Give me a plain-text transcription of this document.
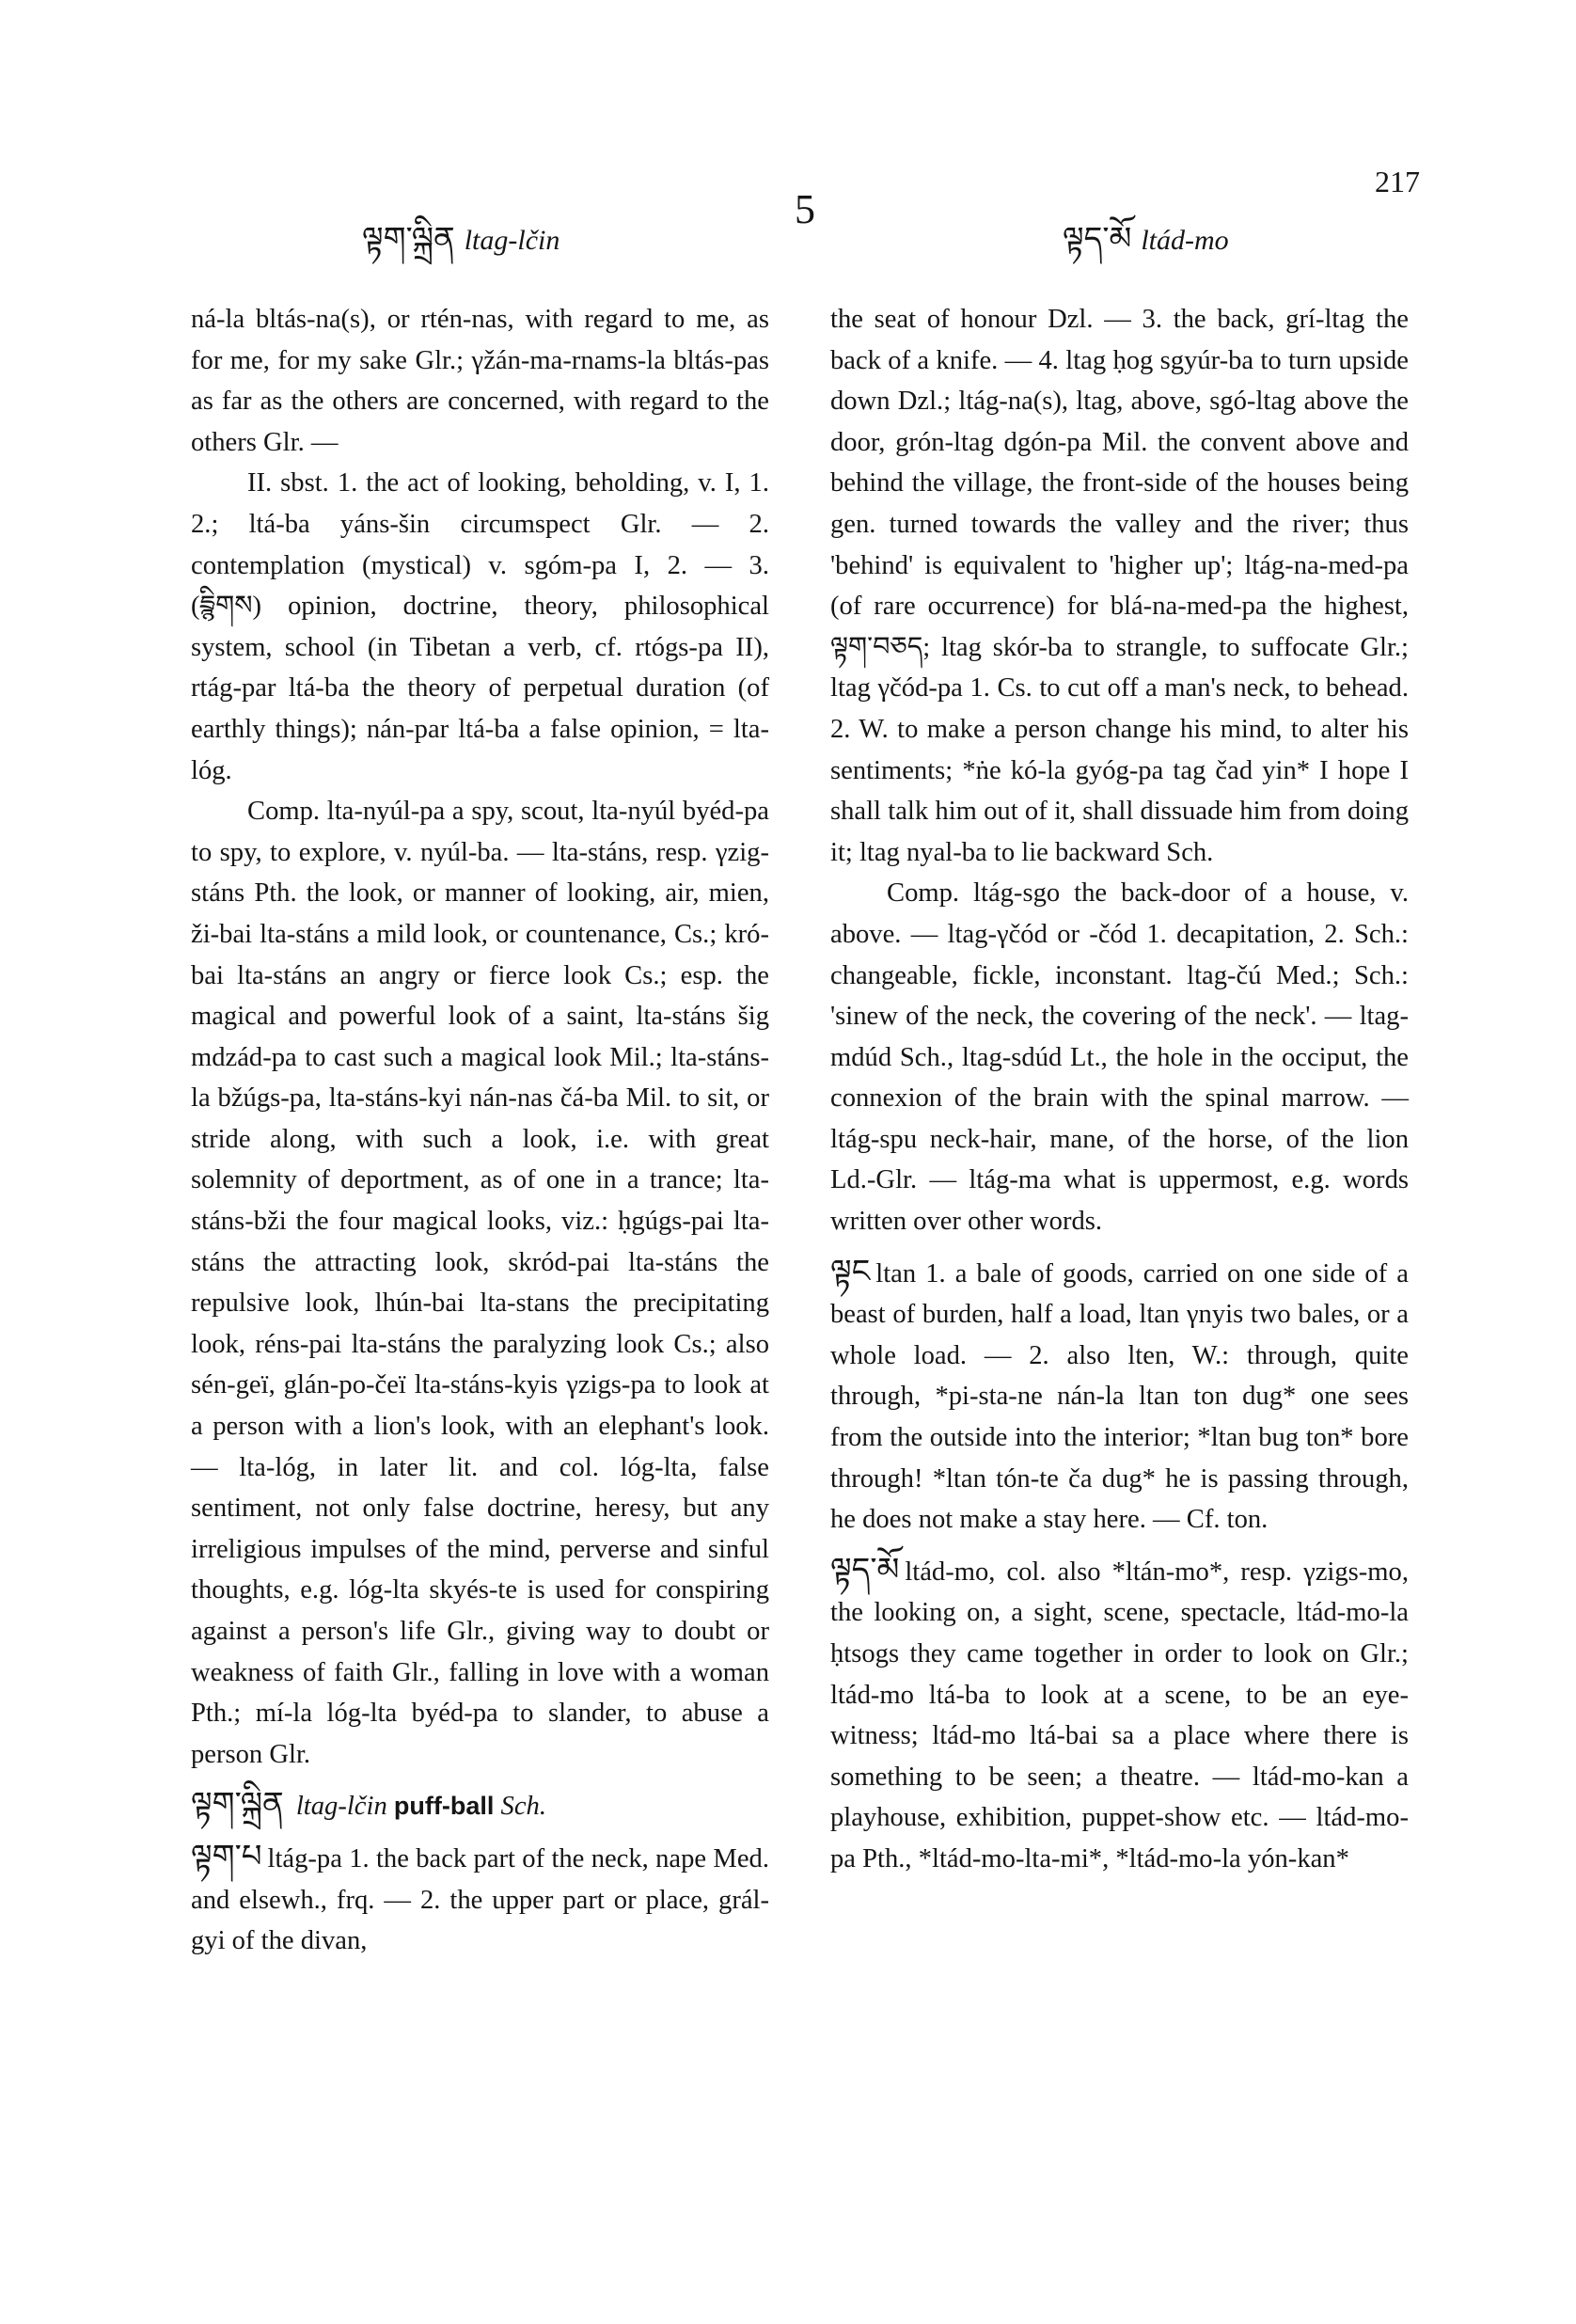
ལྟག་ལྐྲིན ltag-lčin
5
ལྟད་མོ ltád-mo
217

ná-la bltás-na(s), or rtén-nas, with regard to me, as for me, for my sake Glr.; γžán-ma-rnams-la bltás-pas as far as the others are concerned, with regard to the others Glr. —

II. sbst. 1. the act of looking, beholding, v. I, 1. 2.; ltá-ba yáns-šin circumspect Glr. — 2. contemplation (mystical) v. sgóm-pa I, 2. — 3. (དྲྙིགས) opinion, doctrine, theory, philosophical system, school (in Tibetan a verb, cf. rtógs-pa II), rtág-par ltá-ba the theory of perpetual duration (of earthly things); nán-par ltá-ba a false opinion, = lta-lóg.

Comp. lta-nyúl-pa a spy, scout, lta-nyúl byéd-pa to spy, to explore, v. nyúl-ba. — lta-stáns, resp. γzig-stáns Pth. the look, or manner of looking, air, mien, ži-bai lta-stáns a mild look, or countenance, Cs.; kró-bai lta-stáns an angry or fierce look Cs.; esp. the magical and powerful look of a saint, lta-stáns šig mdzád-pa to cast such a magical look Mil.; lta-stáns-la bžúgs-pa, lta-stáns-kyi nán-nas čá-ba Mil. to sit, or stride along, with such a look, i.e. with great solemnity of deportment, as of one in a trance; lta-stáns-bži the four magical looks, viz.: ḥgúgs-pai lta-stáns the attracting look, skród-pai lta-stáns the repulsive look, lhún-bai lta-stans the precipitating look, réns-pai lta-stáns the paralyzing look Cs.; also sén-geï, glán-po-čeï lta-stáns-kyis γzigs-pa to look at a person with a lion's look, with an elephant's look. — lta-lóg, in later lit. and col. lóg-lta, false sentiment, not only false doctrine, heresy, but any irreligious impulses of the mind, perverse and sinful thoughts, e.g. lóg-lta skyés-te is used for conspiring against a person's life Glr., giving way to doubt or weakness of faith Glr., falling in love with a woman Pth.; mí-la lóg-lta byéd-pa to slander, to abuse a person Glr.

ལྟག་ལྐྲིན ltag-lčin puff-ball Sch.

ལྟག་པ ltág-pa 1. the back part of the neck, nape Med. and elsewh., frq. — 2. the upper part or place, grál-gyi of the divan,

the seat of honour Dzl. — 3. the back, grí-ltag the back of a knife. — 4. ltag ḥog sgyúr-ba to turn upside down Dzl.; ltág-na(s), ltag, above, sgó-ltag above the door, grón-ltag dgón-pa Mil. the convent above and behind the village, the front-side of the houses being gen. turned towards the valley and the river; thus 'behind' is equivalent to 'higher up'; ltág-na-med-pa (of rare occurrence) for blá-na-med-pa the highest, ལྟག་བཅད; ltag skór-ba to strangle, to suffocate Glr.; ltag γčód-pa 1. Cs. to cut off a man's neck, to behead. 2. W. to make a person change his mind, to alter his sentiments; *ṅe kó-la gyóg-pa tag čad yin* I hope I shall talk him out of it, shall dissuade him from doing it; ltag nyal-ba to lie backward Sch.

Comp. ltág-sgo the back-door of a house, v. above. — ltag-γčód or -čód 1. decapitation, 2. Sch.: changeable, fickle, inconstant. ltag-čú Med.; Sch.: 'sinew of the neck, the covering of the neck'. — ltag-mdúd Sch., ltag-sdúd Lt., the hole in the occiput, the connexion of the brain with the spinal marrow. — ltág-spu neck-hair, mane, of the horse, of the lion Ld.-Glr. — ltág-ma what is uppermost, e.g. words written over other words.

ལྟང ltan 1. a bale of goods, carried on one side of a beast of burden, half a load, ltan γnyis two bales, or a whole load. — 2. also lten, W.: through, quite through, *pi-sta-ne nán-la ltan ton dug* one sees from the outside into the interior; *ltan bug ton* bore through! *ltan tón-te ča dug* he is passing through, he does not make a stay here. — Cf. ton.

ལྟད་མོ ltád-mo, col. also *ltán-mo*, resp. γzigs-mo, the looking on, a sight, scene, spectacle, ltád-mo-la ḥtsogs they came together in order to look on Glr.; ltád-mo ltá-ba to look at a scene, to be an eye-witness; ltád-mo ltá-bai sa a place where there is something to be seen; a theatre. — ltád-mo-kan a playhouse, exhibition, puppet-show etc. — ltád-mo-pa Pth., *ltád-mo-lta-mi*, *ltád-mo-la yón-kan*
